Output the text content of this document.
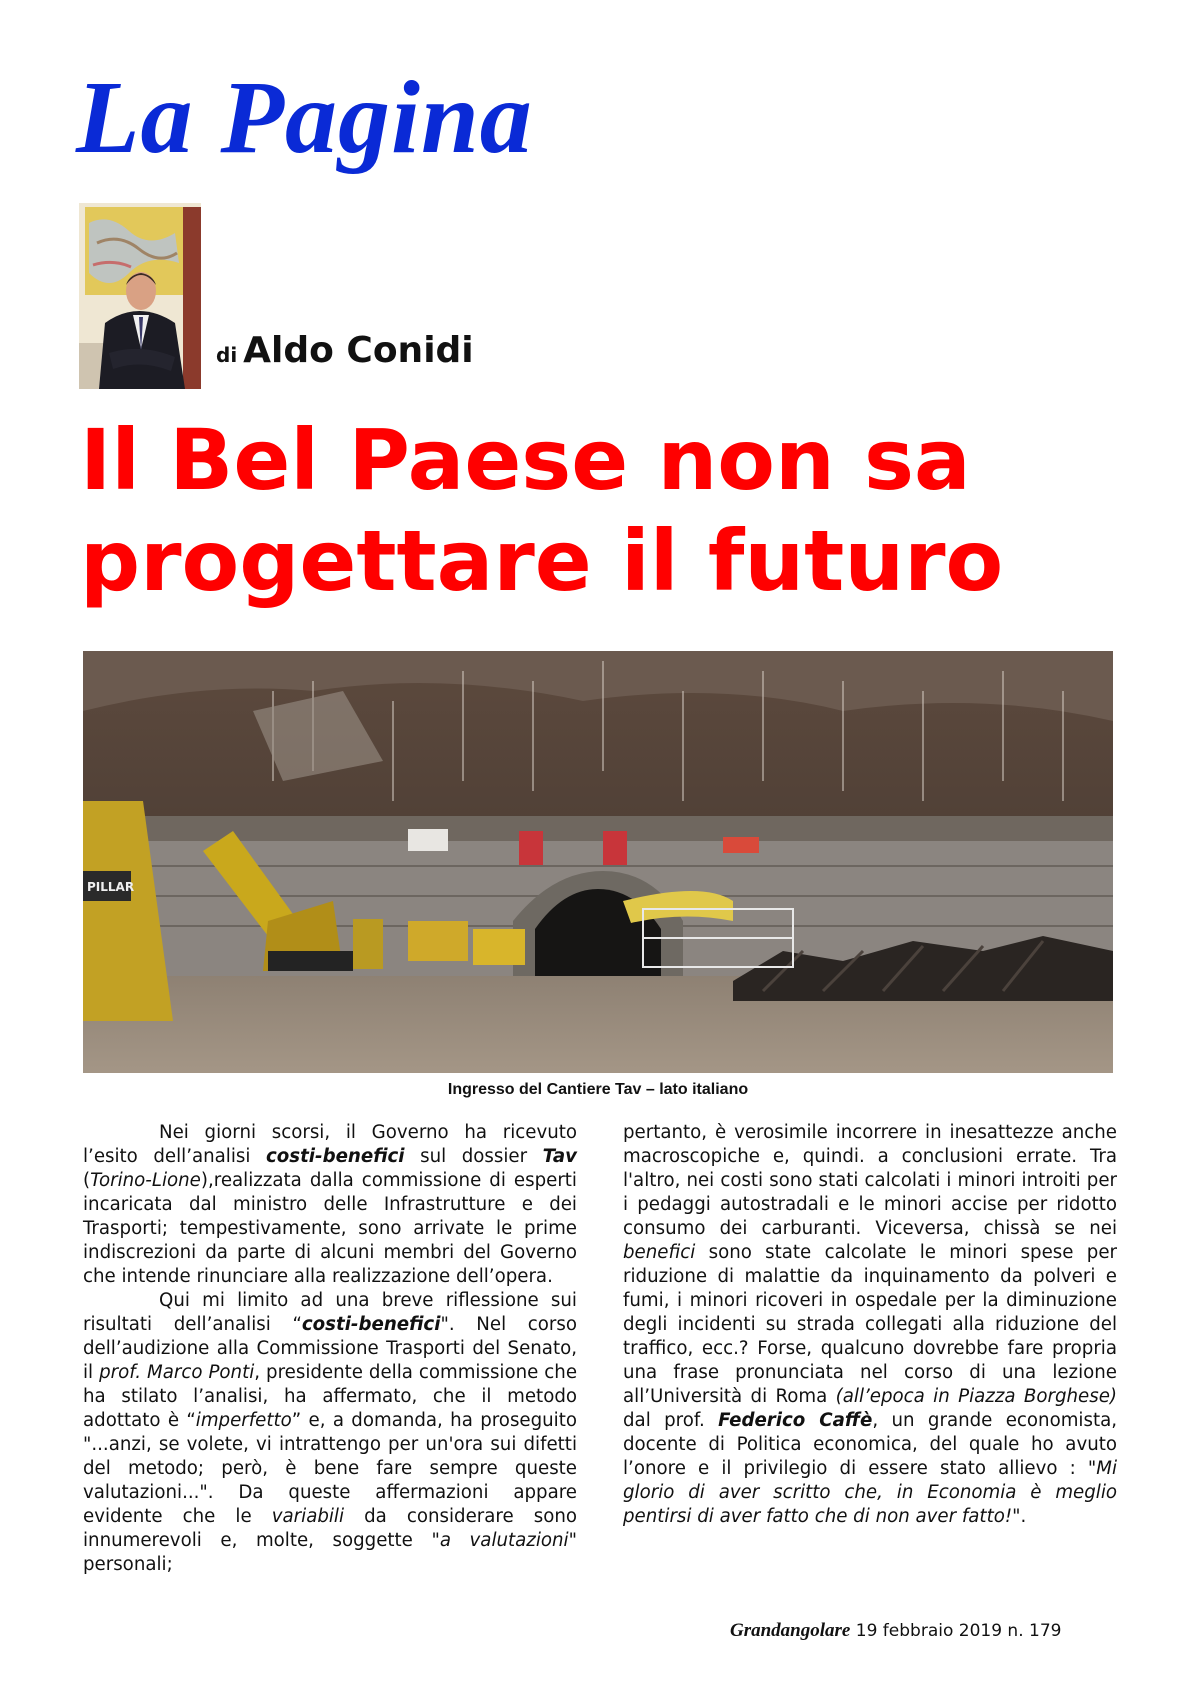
La Pagina
di Aldo Conidi
Il Bel Paese non sa
progettare il futuro
PILLAR
Ingresso del Cantiere Tav – lato italiano

Nei giorni scorsi, il Governo ha ricevuto l’esito dell’analisi costi-benefici sul dossier Tav (Torino-Lione),realizzata dalla commissione di esperti incaricata dal ministro delle Infrastrutture e dei Trasporti; tempestivamente, sono arrivate le prime indiscrezioni da parte di alcuni membri del Governo che intende rinunciare alla realizzazione dell’opera.

Qui mi limito ad una breve riflessione sui risultati dell’analisi “costi-benefici". Nel corso dell’audizione alla Commissione Trasporti del Senato, il prof. Marco Ponti, presidente della commissione che ha stilato l’analisi, ha affermato, che il metodo adottato è “imperfetto” e, a domanda, ha proseguito "...anzi, se volete, vi intrattengo per un'ora sui difetti del metodo; però, è bene fare sempre queste valutazioni...". Da queste affermazioni appare evidente che le variabili da considerare sono innumerevoli e, molte, soggette "a valutazioni" personali;

pertanto, è verosimile incorrere in inesattezze anche macroscopiche e, quindi. a conclusioni errate. Tra l'altro, nei costi sono stati calcolati i minori introiti per i pedaggi autostradali e le minori accise per ridotto consumo dei carburanti. Viceversa, chissà se nei benefici sono state calcolate le minori spese per riduzione di malattie da inquinamento da polveri e fumi, i minori ricoveri in ospedale per la diminuzione degli incidenti su strada collegati alla riduzione del traffico, ecc.? Forse, qualcuno dovrebbe fare propria una frase pronunciata nel corso di una lezione all’Università di Roma (all’epoca in Piazza Borghese) dal prof. Federico Caffè, un grande economista, docente di Politica economica, del quale ho avuto l’onore e il privilegio di essere stato allievo : "Mi glorio di aver scritto che, in Economia è meglio pentirsi di aver fatto che di non aver fatto!".

Grandangolare 19 febbraio 2019 n. 179
